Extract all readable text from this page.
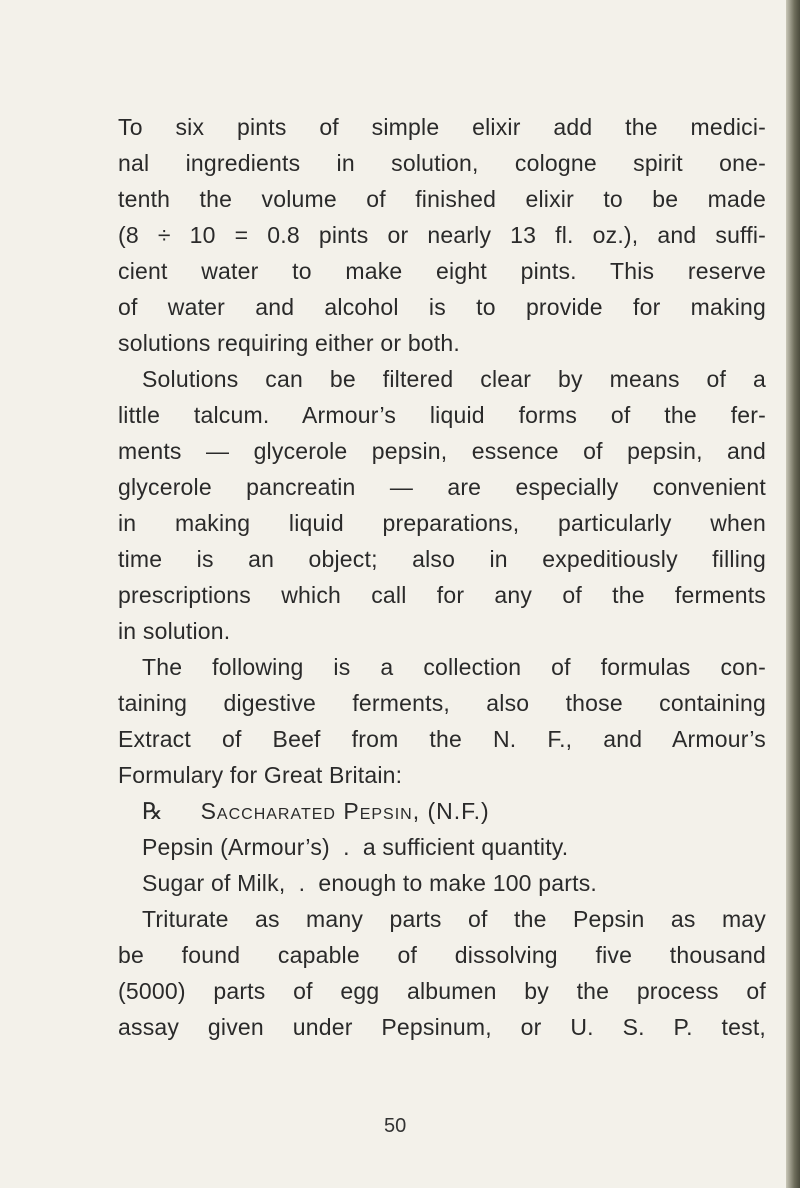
To six pints of simple elixir add the medici-
nal ingredients in solution, cologne spirit one-
tenth the volume of finished elixir to be made
(8 ÷ 10 = 0.8 pints or nearly 13 fl. oz.), and suffi-
cient water to make eight pints. This reserve
of water and alcohol is to provide for making
solutions requiring either or both.
Solutions can be filtered clear by means of a
little talcum. Armour’s liquid forms of the fer-
ments — glycerole pepsin, essence of pepsin, and
glycerole pancreatin — are especially convenient
in making liquid preparations, particularly when
time is an object; also in expeditiously filling
prescriptions which call for any of the ferments
in solution.
The following is a collection of formulas con-
taining digestive ferments, also those containing
Extract of Beef from the N. F., and Armour’s
Formulary for Great Britain:
℞     Saccharated Pepsin, (N.F.)
Pepsin (Armour’s)  .  a sufficient quantity.
Sugar of Milk,  .  enough to make 100 parts.
Triturate as many parts of the Pepsin as may
be found capable of dissolving five thousand
(5000) parts of egg albumen by the process of
assay given under Pepsinum, or U. S. P. test,
50
